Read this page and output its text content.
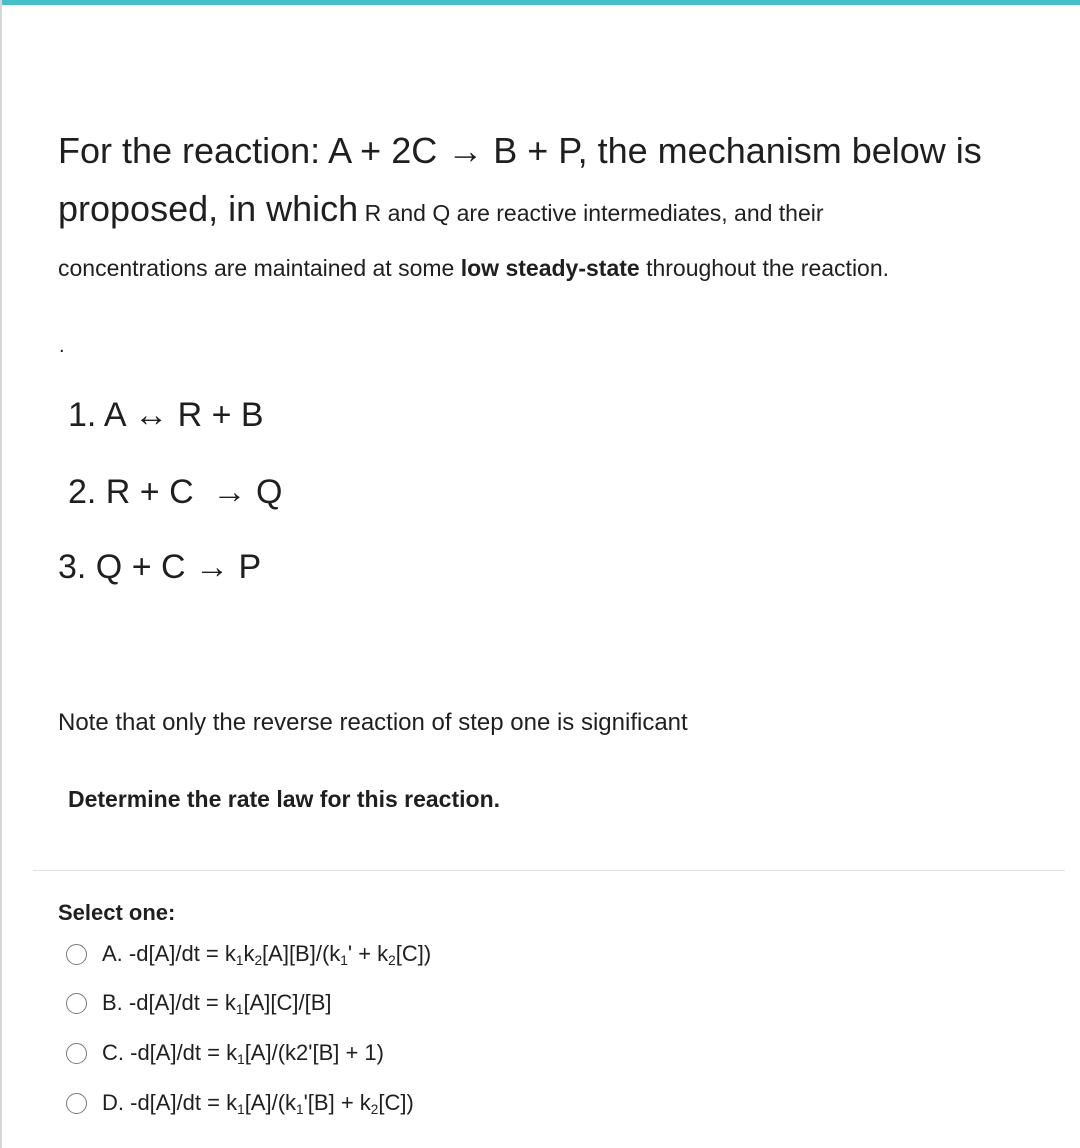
For the reaction: A + 2C → B + P, the mechanism below is
proposed, in which R and Q are reactive intermediates, and their
concentrations are maintained at some low steady-state throughout the reaction.
.
1. A ↔ R + B
2. R + C  → Q
3. Q + C → P
Note that only the reverse reaction of step one is significant
Determine the rate law for this reaction.
Select one:
A. $-d[A]/dt = k_1k_2[A][B]/(k_1' + k_2[C])$
B. $-d[A]/dt = k_1[A][C]/[B]$
C. $-d[A]/dt = k_1[A]/(k2'[B] + 1)$
D. $-d[A]/dt = k_1[A]/(k_1'[B] + k_2[C])$
